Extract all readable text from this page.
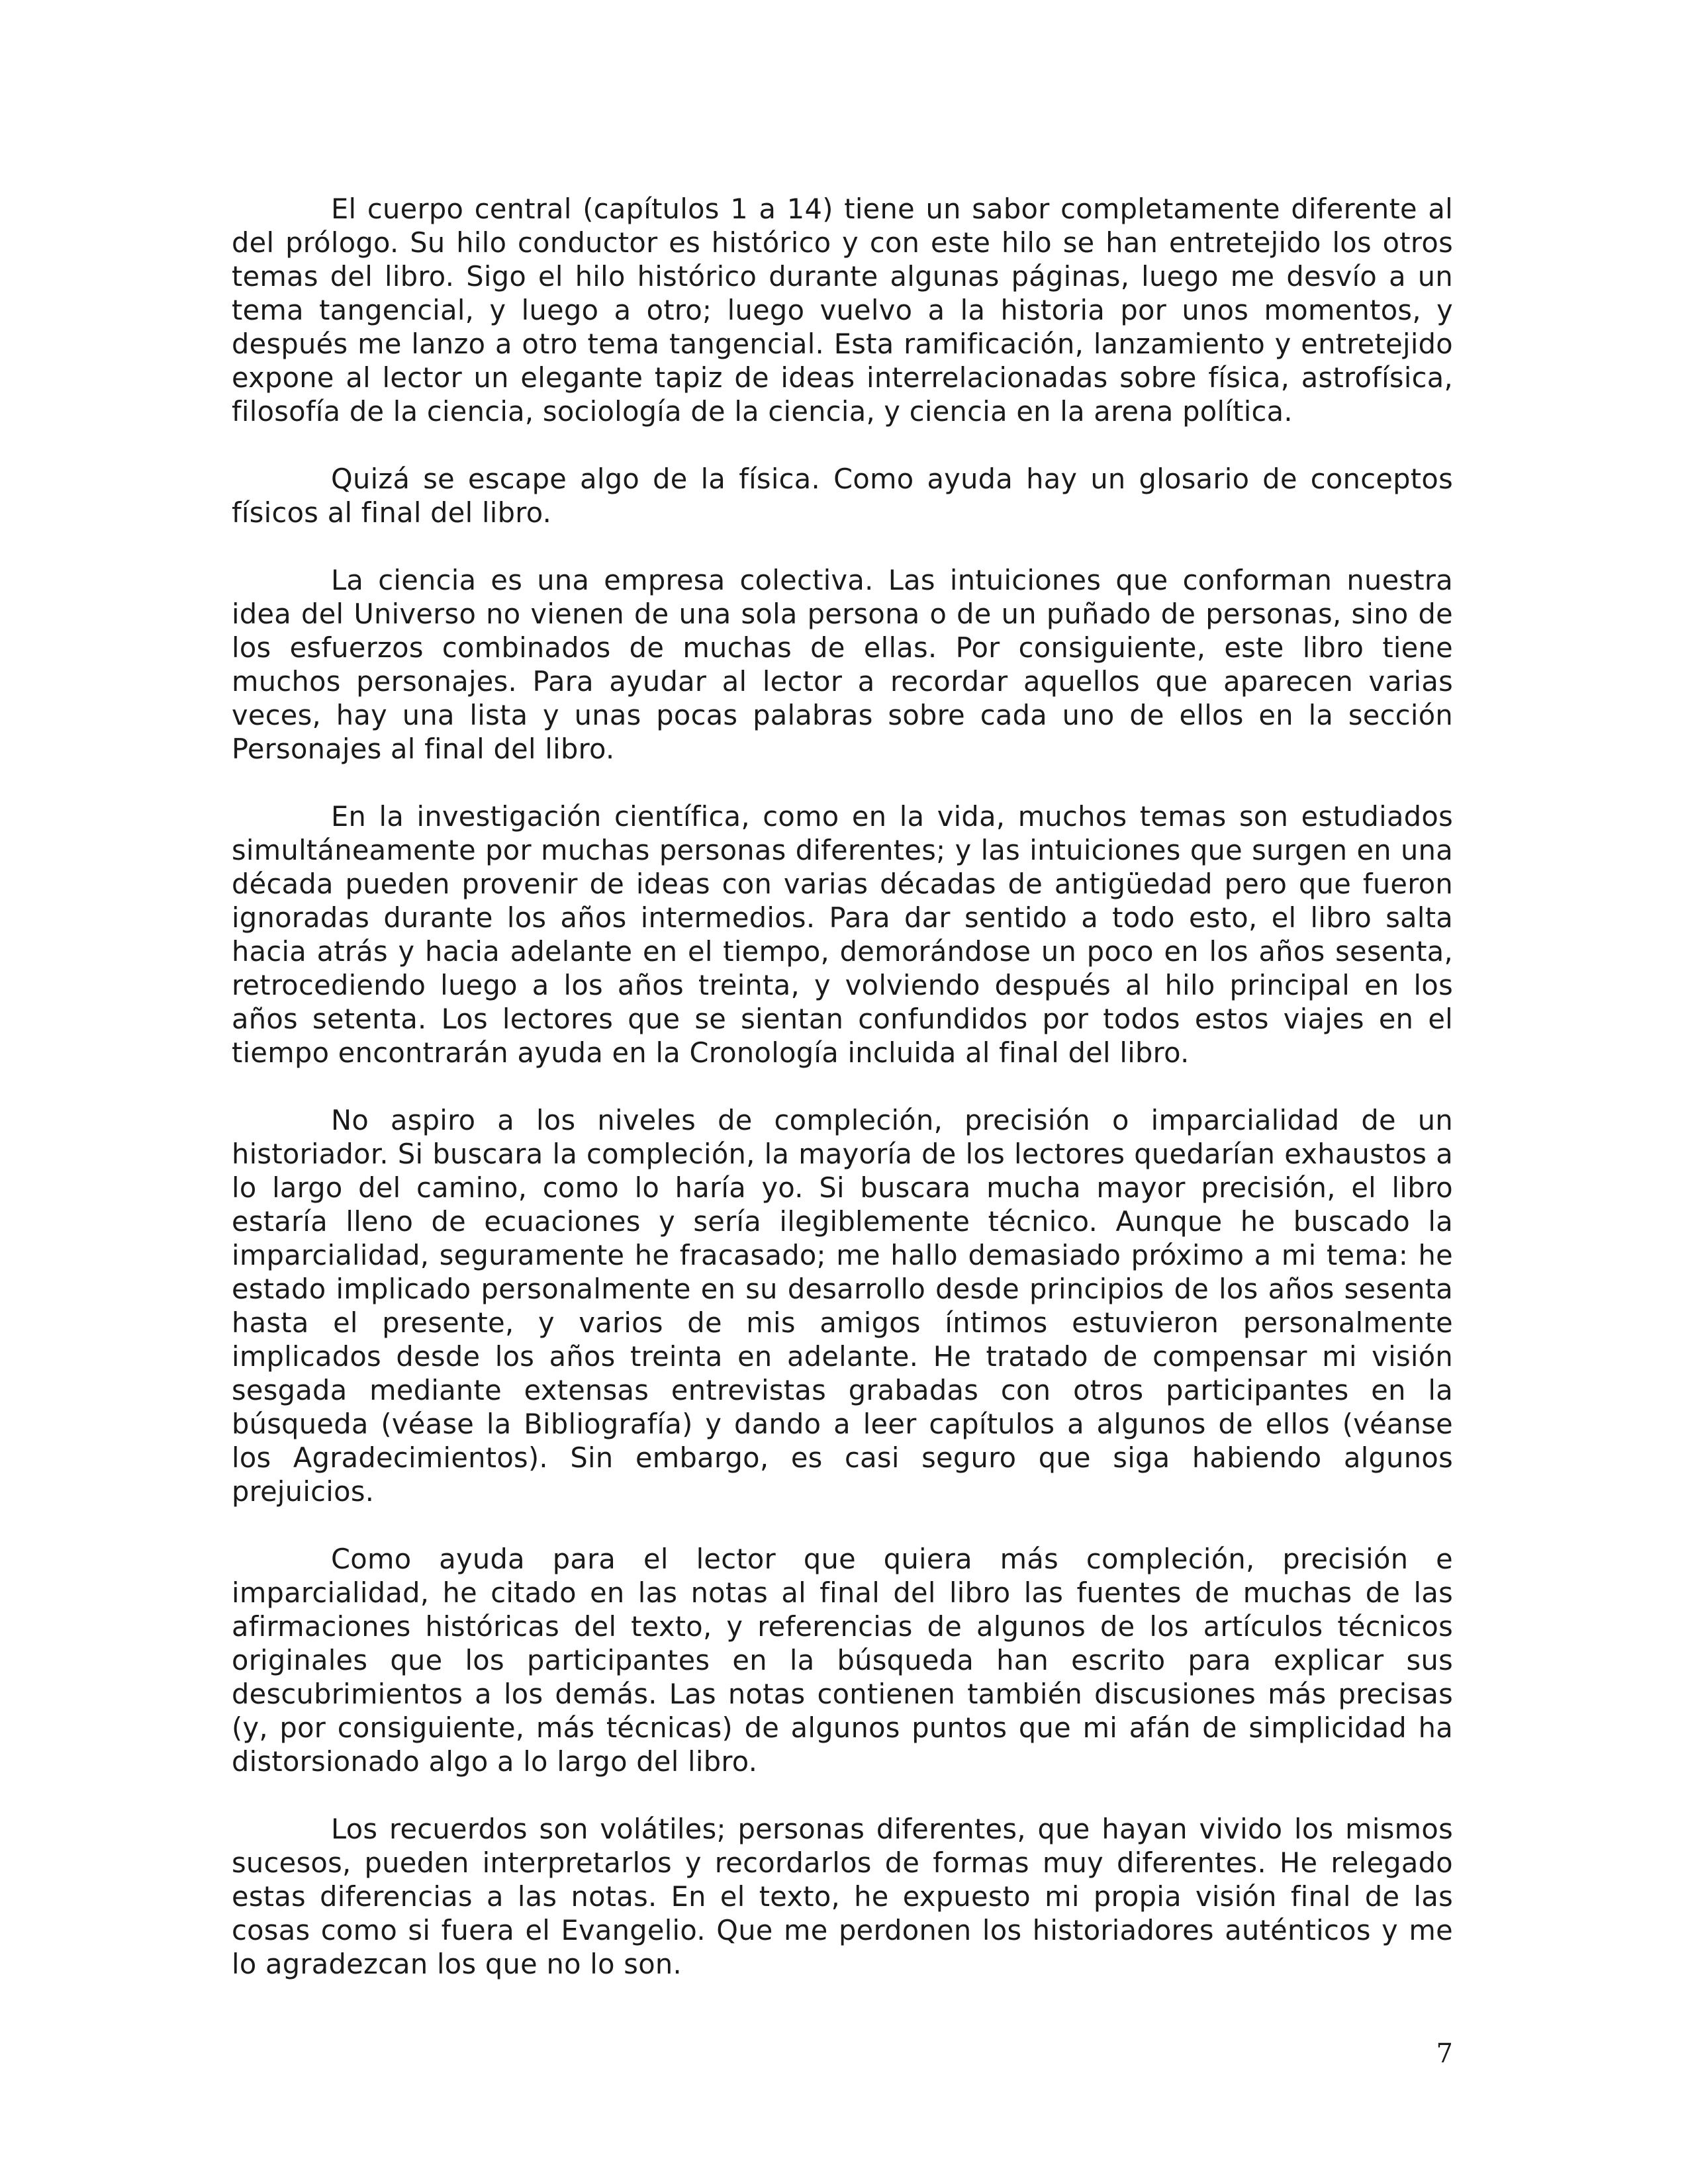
El cuerpo central (capítulos 1 a 14) tiene un sabor completamente diferente al del prólogo. Su hilo conductor es histórico y con este hilo se han entretejido los otros temas del libro. Sigo el hilo histórico durante algunas páginas, luego me desvío a un tema tangencial, y luego a otro; luego vuelvo a la historia por unos momentos, y después me lanzo a otro tema tangencial. Esta ramificación, lanzamiento y entretejido expone al lector un elegante tapiz de ideas interrelacionadas sobre física, astrofísica, filosofía de la ciencia, sociología de la ciencia, y ciencia en la arena política.

Quizá se escape algo de la física. Como ayuda hay un glosario de conceptos físicos al final del libro.

La ciencia es una empresa colectiva. Las intuiciones que conforman nuestra idea del Universo no vienen de una sola persona o de un puñado de personas, sino de los esfuerzos combinados de muchas de ellas. Por consiguiente, este libro tiene muchos personajes. Para ayudar al lector a recordar aquellos que aparecen varias veces, hay una lista y unas pocas palabras sobre cada uno de ellos en la sección Personajes al final del libro.

En la investigación científica, como en la vida, muchos temas son estudiados simultáneamente por muchas personas diferentes; y las intuiciones que surgen en una década pueden provenir de ideas con varias décadas de antigüedad pero que fueron ignoradas durante los años intermedios. Para dar sentido a todo esto, el libro salta hacia atrás y hacia adelante en el tiempo, demorándose un poco en los años sesenta, retrocediendo luego a los años treinta, y volviendo después al hilo principal en los años setenta. Los lectores que se sientan confundidos por todos estos viajes en el tiempo encontrarán ayuda en la Cronología incluida al final del libro.

No aspiro a los niveles de compleción, precisión o imparcialidad de un historiador. Si buscara la compleción, la mayoría de los lectores quedarían exhaustos a lo largo del camino, como lo haría yo. Si buscara mucha mayor precisión, el libro estaría lleno de ecuaciones y sería ilegiblemente técnico. Aunque he buscado la imparcialidad, seguramente he fracasado; me hallo demasiado próximo a mi tema: he estado implicado personalmente en su desarrollo desde principios de los años sesenta hasta el presente, y varios de mis amigos íntimos estuvieron personalmente implicados desde los años treinta en adelante. He tratado de compensar mi visión sesgada mediante extensas entrevistas grabadas con otros participantes en la búsqueda (véase la Bibliografía) y dando a leer capítulos a algunos de ellos (véanse los Agradecimientos). Sin embargo, es casi seguro que siga habiendo algunos prejuicios.

Como ayuda para el lector que quiera más compleción, precisión e imparcialidad, he citado en las notas al final del libro las fuentes de muchas de las afirmaciones históricas del texto, y referencias de algunos de los artículos técnicos originales que los participantes en la búsqueda han escrito para explicar sus descubrimientos a los demás. Las notas contienen también discusiones más precisas (y, por consiguiente, más técnicas) de algunos puntos que mi afán de simplicidad ha distorsionado algo a lo largo del libro.

Los recuerdos son volátiles; personas diferentes, que hayan vivido los mismos sucesos, pueden interpretarlos y recordarlos de formas muy diferentes. He relegado estas diferencias a las notas. En el texto, he expuesto mi propia visión final de las cosas como si fuera el Evangelio. Que me perdonen los historiadores auténticos y me lo agradezcan los que no lo son.

7
